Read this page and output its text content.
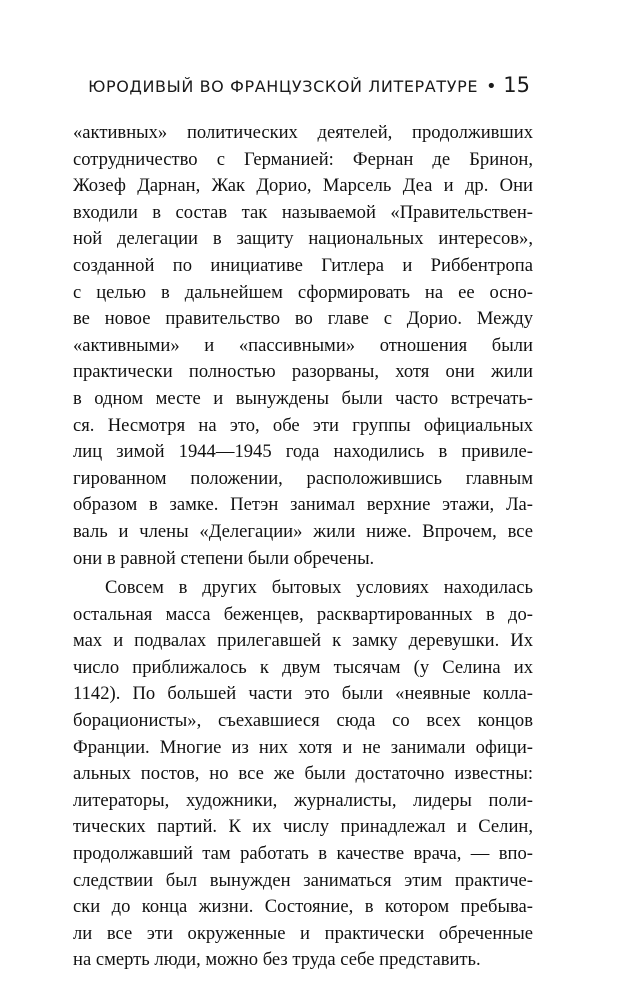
ЮРОДИВЫЙ ВО ФРАНЦУЗСКОЙ ЛИТЕРАТУРЕ • 15
«активных» политических деятелей, продолживших
сотрудничество с Германией: Фернан де Бринон,
Жозеф Дарнан, Жак Дорио, Марсель Деа и др. Они
входили в состав так называемой «Правительствен-
ной делегации в защиту национальных интересов»,
созданной по инициативе Гитлера и Риббентропа
с целью в дальнейшем сформировать на ее осно-
ве новое правительство во главе с Дорио. Между
«активными» и «пассивными» отношения были
практически полностью разорваны, хотя они жили
в одном месте и вынуждены были часто встречать-
ся. Несмотря на это, обе эти группы официальных
лиц зимой 1944—1945 года находились в привиле-
гированном положении, расположившись главным
образом в замке. Петэн занимал верхние этажи, Ла-
валь и члены «Делегации» жили ниже. Впрочем, все
они в равной степени были обречены.
Совсем в других бытовых условиях находилась
остальная масса беженцев, расквартированных в до-
мах и подвалах прилегавшей к замку деревушки. Их
число приближалось к двум тысячам (у Селина их
1142). По большей части это были «неявные колла-
борационисты», съехавшиеся сюда со всех концов
Франции. Многие из них хотя и не занимали офици-
альных постов, но все же были достаточно известны:
литераторы, художники, журналисты, лидеры поли-
тических партий. К их числу принадлежал и Селин,
продолжавший там работать в качестве врача, — впо-
следствии был вынужден заниматься этим практиче-
ски до конца жизни. Состояние, в котором пребыва-
ли все эти окруженные и практически обреченные
на смерть люди, можно без труда себе представить.
